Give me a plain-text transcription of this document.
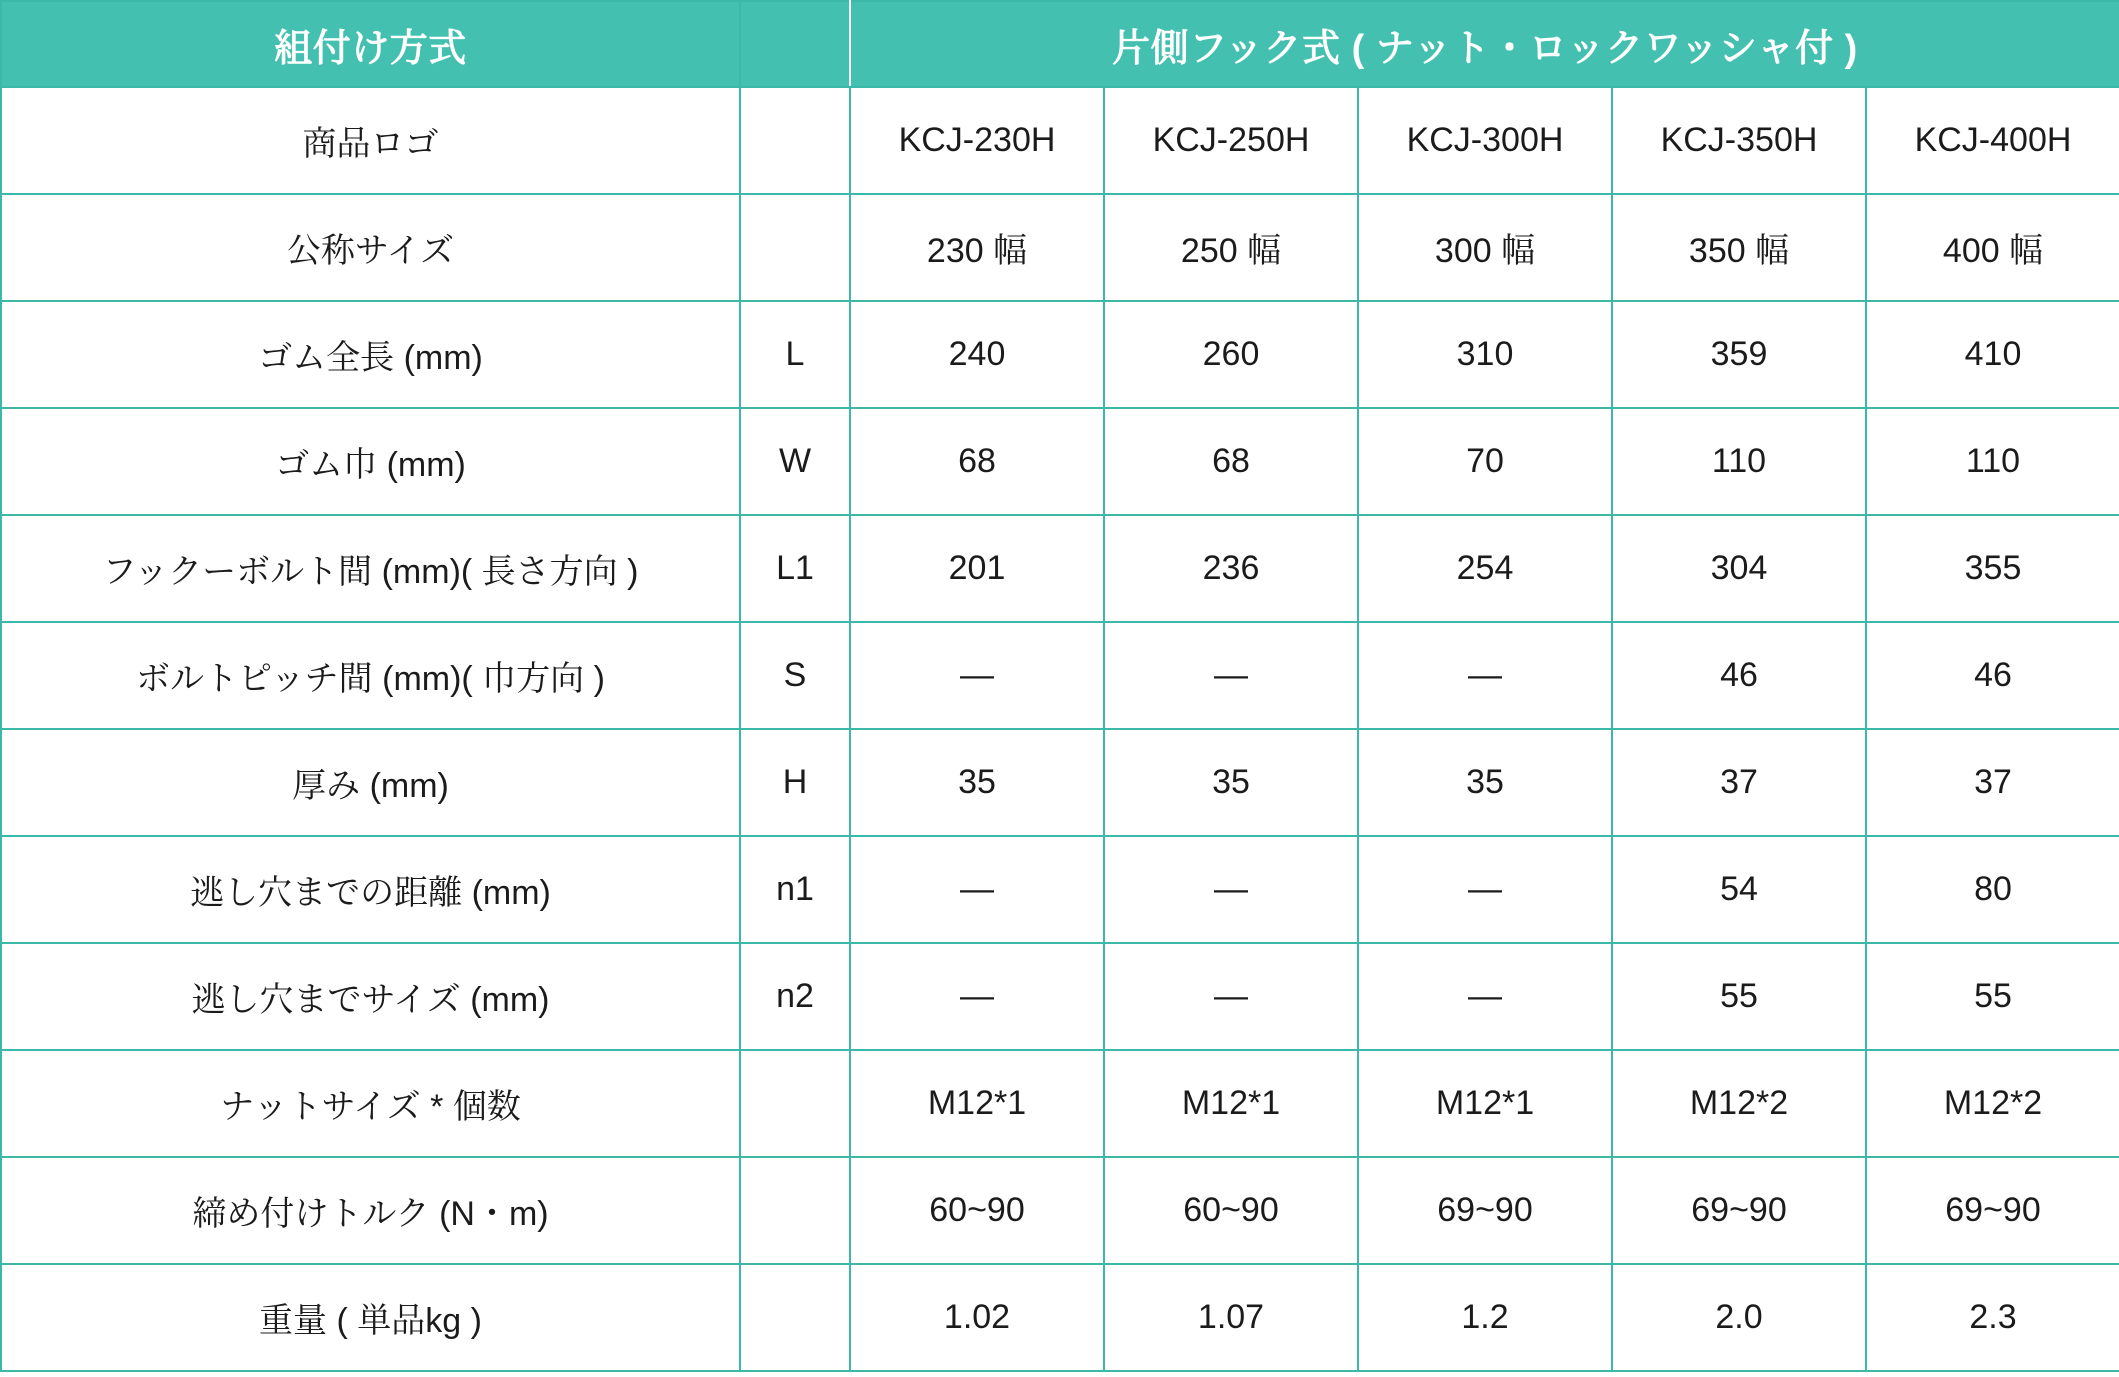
組付け方式		片側フック式 ( ナット・ロックワッシャ付 )				
商品ロゴ		KCJ-230H	KCJ-250H	KCJ-300H	KCJ-350H	KCJ-400H
公称サイズ		230 幅	250 幅	300 幅	350 幅	400 幅
ゴム全長 (mm)	L	240	260	310	359	410
ゴム巾 (mm)	W	68	68	70	110	110
フックーボルト間 (mm)( 長さ方向 )	L1	201	236	254	304	355
ボルトピッチ間 (mm)( 巾方向 )	S	—	—	—	46	46
厚み (mm)	H	35	35	35	37	37
逃し穴までの距離 (mm)	n1	—	—	—	54	80
逃し穴までサイズ (mm)	n2	—	—	—	55	55
ナットサイズ * 個数		M12*1	M12*1	M12*1	M12*2	M12*2
締め付けトルク (N・m)		60~90	60~90	69~90	69~90	69~90
重量 ( 単品kg )		1.02	1.07	1.2	2.0	2.3
